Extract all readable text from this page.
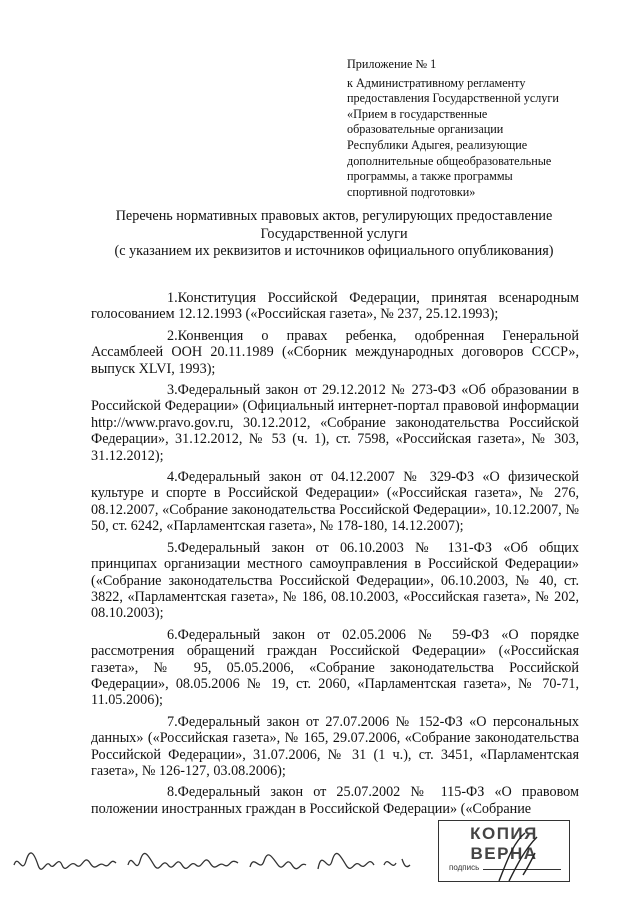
Приложение № 1
к Административному регламенту
предоставления Государственной услуги
«Прием в государственные
образовательные организации
Республики Адыгея, реализующие
дополнительные общеобразовательные
программы, а также программы
спортивной подготовки»
Перечень нормативных правовых актов, регулирующих предоставление
Государственной услуги
(с указанием их реквизитов и источников официального опубликования)

1.Конституция Российской Федерации, принятая всенародным голосованием 12.12.1993 («Российская газета», № 237, 25.12.1993);

2.Конвенция о правах ребенка, одобренная Генеральной Ассамблеей ООН 20.11.1989 («Сборник международных договоров СССР», выпуск XLVI, 1993);

3.Федеральный закон от 29.12.2012 № 273-ФЗ «Об образовании в Российской Федерации» (Официальный интернет-портал правовой информации http://www.pravo.gov.ru, 30.12.2012, «Собрание законодательства Российской Федерации», 31.12.2012, № 53 (ч. 1), ст. 7598, «Российская газета», № 303, 31.12.2012);

4.Федеральный закон от 04.12.2007 № 329-ФЗ «О физической культуре и спорте в Российской Федерации» («Российская газета», № 276, 08.12.2007, «Собрание законодательства Российской Федерации», 10.12.2007, № 50, ст. 6242, «Парламентская газета», № 178-180, 14.12.2007);

5.Федеральный закон от 06.10.2003 № 131-ФЗ «Об общих принципах организации местного самоуправления в Российской Федерации» («Собрание законодательства Российской Федерации», 06.10.2003, № 40, ст. 3822, «Парламентская газета», № 186, 08.10.2003, «Российская газета», № 202, 08.10.2003);

6.Федеральный закон от 02.05.2006 № 59-ФЗ «О порядке рассмотрения обращений граждан Российской Федерации» («Российская газета», № 95, 05.05.2006, «Собрание законодательства Российской Федерации», 08.05.2006 № 19, ст. 2060, «Парламентская газета», № 70-71, 11.05.2006);

7.Федеральный закон от 27.07.2006 № 152-ФЗ «О персональных данных» («Российская газета», № 165, 29.07.2006, «Собрание законодательства Российской Федерации», 31.07.2006, № 31 (1 ч.), ст. 3451, «Парламентская газета», № 126-127, 03.08.2006);

8.Федеральный закон от 25.07.2002 № 115-ФЗ «О правовом положении иностранных граждан в Российской Федерации» («Собрание

КОПИЯ ВЕРНА
подпись
